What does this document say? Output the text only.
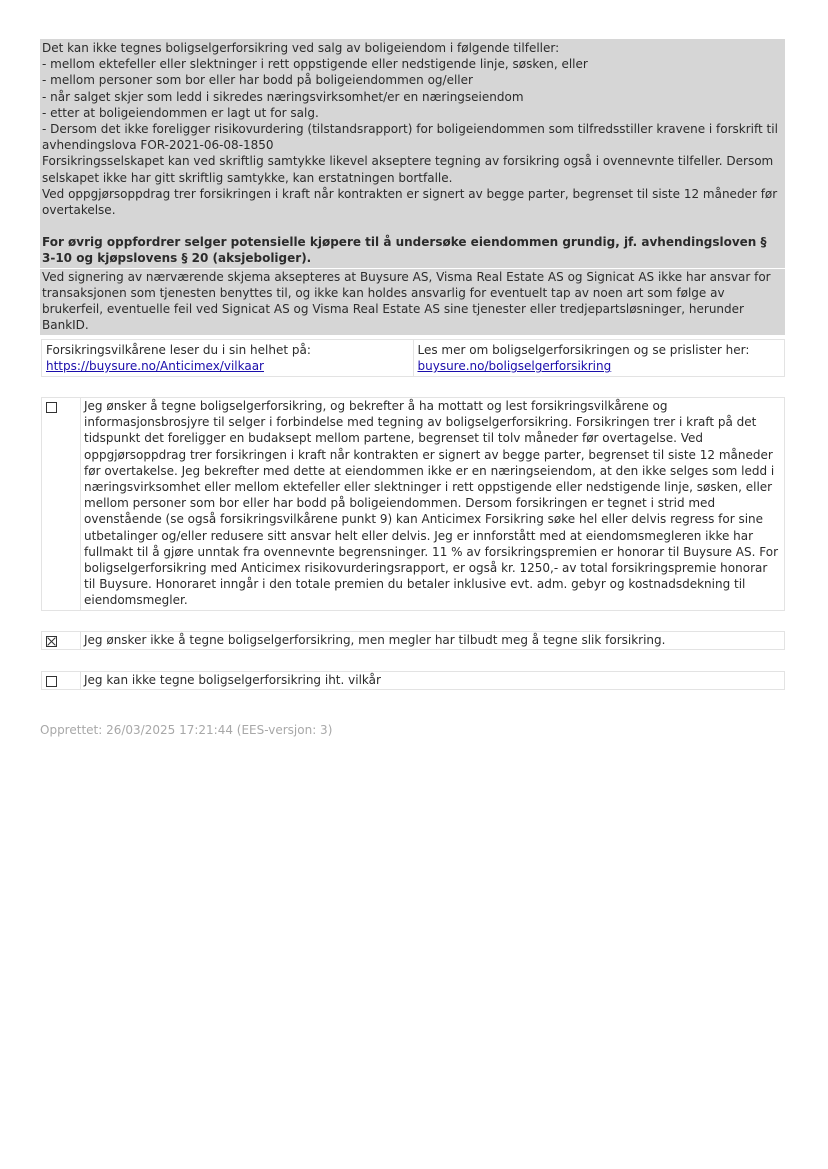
Det kan ikke tegnes boligselgerforsikring ved salg av boligeiendom i følgende tilfeller:

- mellom ektefeller eller slektninger i rett oppstigende eller nedstigende linje, søsken, eller

- mellom personer som bor eller har bodd på boligeiendommen og/eller

- når salget skjer som ledd i sikredes næringsvirksomhet/er en næringseiendom

- etter at boligeiendommen er lagt ut for salg.

- Dersom det ikke foreligger risikovurdering (tilstandsrapport) for boligeiendommen som tilfredsstiller kravene i forskrift til avhendingslova FOR-2021-06-08-1850

Forsikringsselskapet kan ved skriftlig samtykke likevel akseptere tegning av forsikring også i ovennevnte tilfeller. Dersom selskapet ikke har gitt skriftlig samtykke, kan erstatningen bortfalle.

Ved oppgjørsoppdrag trer forsikringen i kraft når kontrakten er signert av begge parter, begrenset til siste 12 måneder før overtakelse.

For øvrig oppfordrer selger potensielle kjøpere til å undersøke eiendommen grundig, jf. avhendingsloven § 3-10 og kjøpslovens § 20 (aksjeboliger).

Ved signering av nærværende skjema aksepteres at Buysure AS, Visma Real Estate AS og Signicat AS ikke har ansvar for transaksjonen som tjenesten benyttes til, og ikke kan holdes ansvarlig for eventuelt tap av noen art som følge av brukerfeil, eventuelle feil ved Signicat AS og Visma Real Estate AS sine tjenester eller tredjepartsløsninger, herunder BankID.

Forsikringsvilkårene leser du i sin helhet på:
https://buysure.no/Anticimex/vilkaar
Les mer om boligselgerforsikringen og se prislister her:
buysure.no/boligselgerforsikring
Jeg ønsker å tegne boligselgerforsikring, og bekrefter å ha mottatt og lest forsikringsvilkårene og informasjonsbrosjyre til selger i forbindelse med tegning av boligselgerforsikring. Forsikringen trer i kraft på det tidspunkt det foreligger en budaksept mellom partene, begrenset til tolv måneder før overtagelse. Ved oppgjørsoppdrag trer forsikringen i kraft når kontrakten er signert av begge parter, begrenset til siste 12 måneder før overtakelse. Jeg bekrefter med dette at eiendommen ikke er en næringseiendom, at den ikke selges som ledd i næringsvirksomhet eller mellom ektefeller eller slektninger i rett oppstigende eller nedstigende linje, søsken, eller mellom personer som bor eller har bodd på boligeiendommen. Dersom forsikringen er tegnet i strid med ovenstående (se også forsikringsvilkårene punkt 9) kan Anticimex Forsikring søke hel eller delvis regress for sine utbetalinger og/eller redusere sitt ansvar helt eller delvis. Jeg er innforstått med at eiendomsmegleren ikke har fullmakt til å gjøre unntak fra ovennevnte begrensninger. 11 % av forsikringspremien er honorar til Buysure AS. For boligselgerforsikring med Anticimex risikovurderingsrapport, er også kr. 1250,- av total forsikringspremie honorar til Buysure. Honoraret inngår i den totale premien du betaler inklusive evt. adm. gebyr og kostnadsdekning til eiendomsmegler.
Jeg ønsker ikke å tegne boligselgerforsikring, men megler har tilbudt meg å tegne slik forsikring.
Jeg kan ikke tegne boligselgerforsikring iht. vilkår
Opprettet: 26/03/2025 17:21:44 (EES-versjon: 3)
